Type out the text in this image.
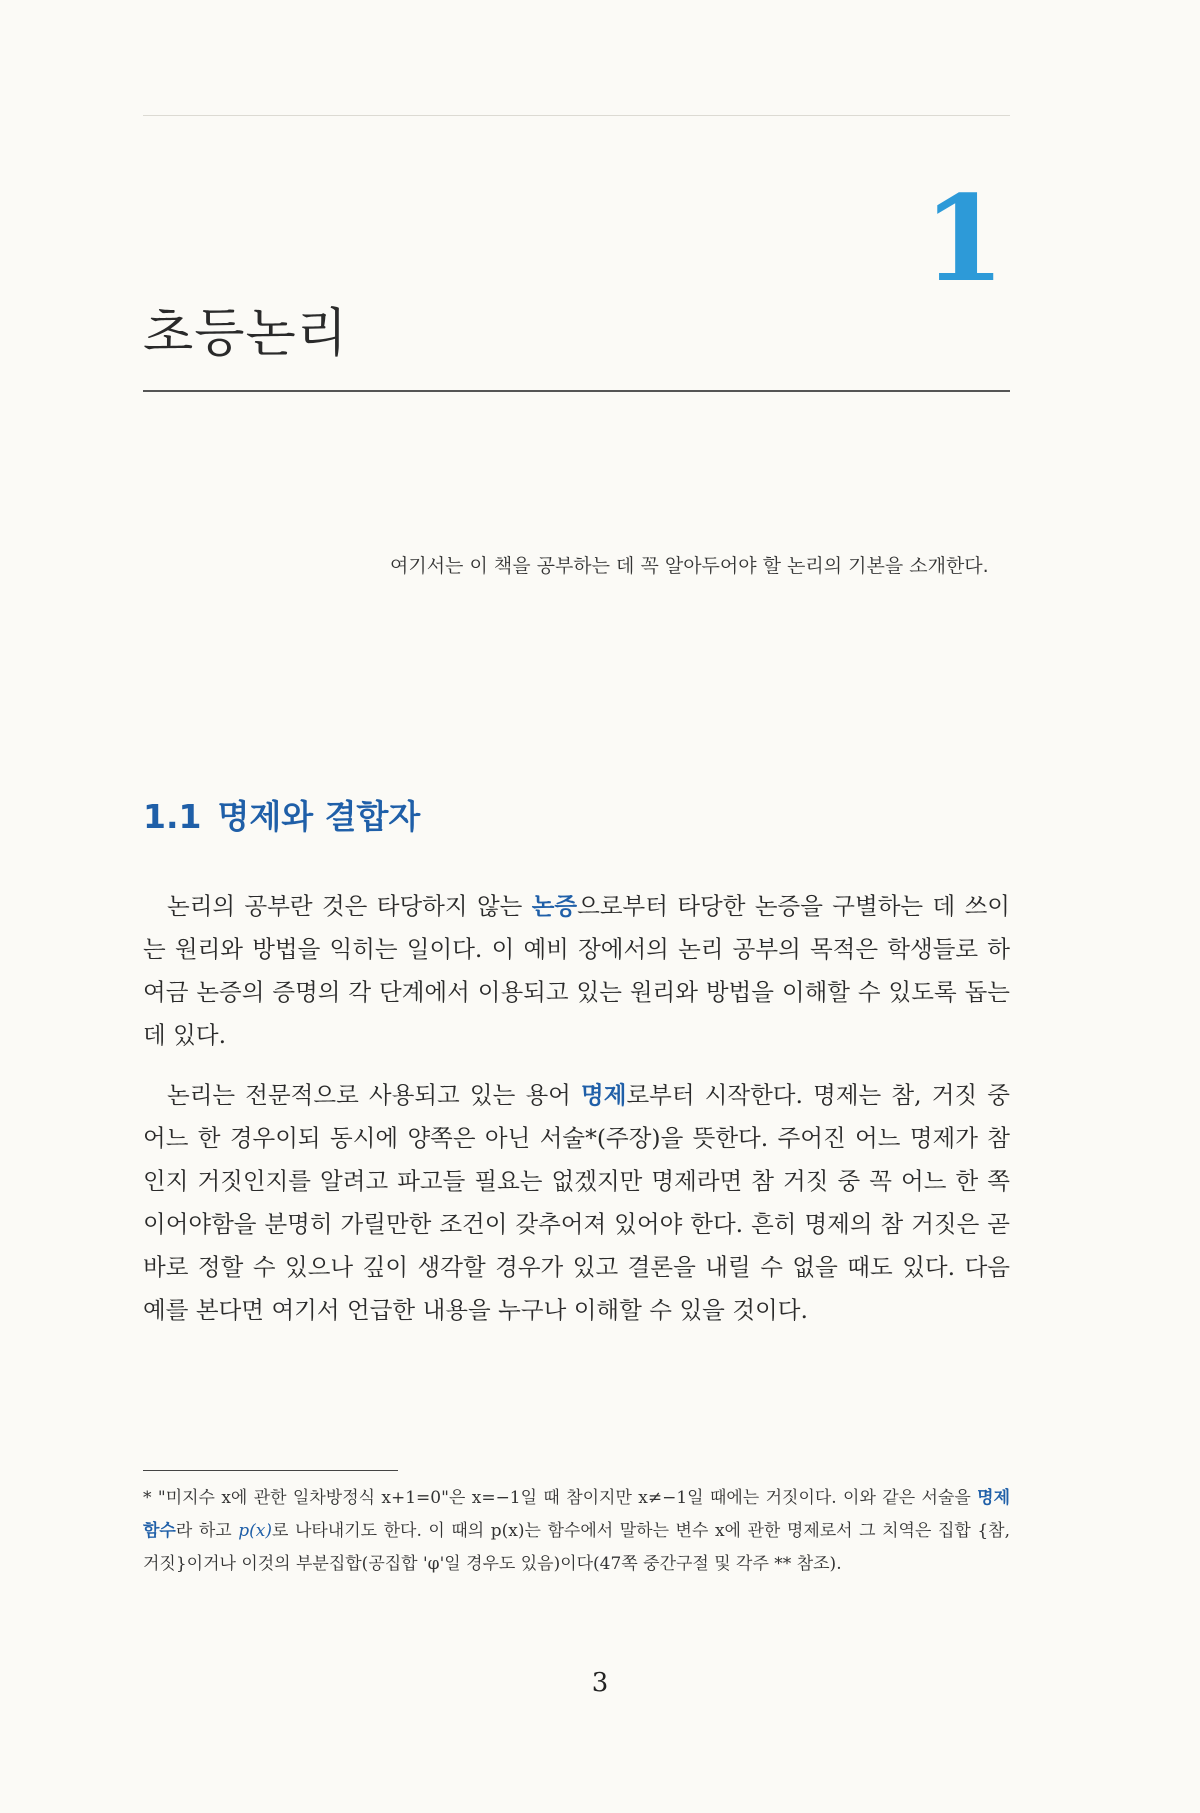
1
초등논리

여기서는 이 책을 공부하는 데 꼭 알아두어야 할 논리의 기본을 소개한다.

1.1 명제와 결합자

논리의 공부란 것은 타당하지 않는 논증으로부터 타당한 논증을 구별하는 데 쓰이는 원리와 방법을 익히는 일이다. 이 예비 장에서의 논리 공부의 목적은 학생들로 하여금 논증의 증명의 각 단계에서 이용되고 있는 원리와 방법을 이해할 수 있도록 돕는 데 있다.

논리는 전문적으로 사용되고 있는 용어 명제로부터 시작한다. 명제는 참, 거짓 중 어느 한 경우이되 동시에 양쪽은 아닌 서술*(주장)을 뜻한다. 주어진 어느 명제가 참인지 거짓인지를 알려고 파고들 필요는 없겠지만 명제라면 참 거짓 중 꼭 어느 한 쪽이어야함을 분명히 가릴만한 조건이 갖추어져 있어야 한다. 흔히 명제의 참 거짓은 곧바로 정할 수 있으나 깊이 생각할 경우가 있고 결론을 내릴 수 없을 때도 있다. 다음 예를 본다면 여기서 언급한 내용을 누구나 이해할 수 있을 것이다.

* "미지수 x에 관한 일차방정식 x+1=0"은 x=−1일 때 참이지만 x≠−1일 때에는 거짓이다. 이와 같은 서술을 명제함수라 하고 p(x)로 나타내기도 한다. 이 때의 p(x)는 함수에서 말하는 변수 x에 관한 명제로서 그 치역은 집합 {참, 거짓}이거나 이것의 부분집합(공집합 'φ'일 경우도 있음)이다(47쪽 중간구절 및 각주 ** 참조).
3
